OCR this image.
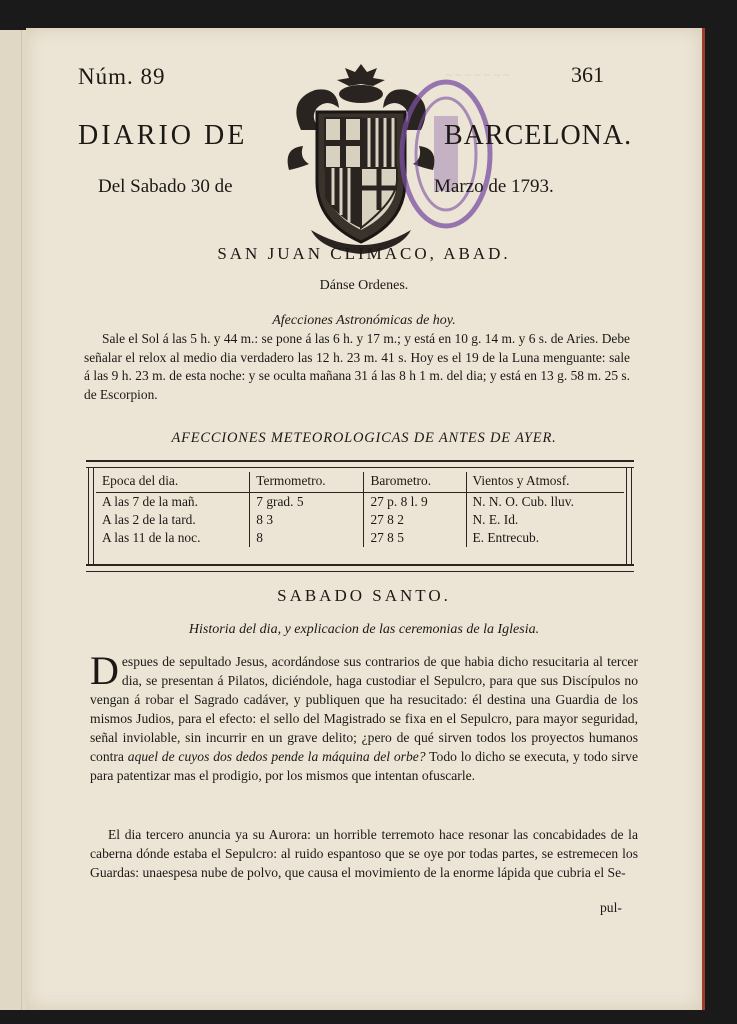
~ ~ ~ ~ ~ ~ ~
Núm. 89	361
DIARIO DE	BARCELONA.
Del Sabado 30 de	Marzo de 1793.
SAN JUAN CLIMACO, ABAD.
Dánse Ordenes.
Afecciones Astronómicas de hoy.
Sale el Sol á las 5 h. y 44 m.: se pone á las 6 h. y 17 m.; y está en 10 g. 14 m. y 6 s. de Aries. Debe señalar el relox al medio dia verdadero las 12 h. 23 m. 41 s. Hoy es el 19 de la Luna menguante: sale á las 9 h. 23 m. de esta noche: y se oculta mañana 31 á las 8 h 1 m. del dia; y está en 13 g. 58 m. 25 s. de Escorpion.
AFECCIONES METEOROLOGICAS DE ANTES DE AYER.
Epoca del dia.	Termometro.	Barometro.	Vientos y Atmosf.
A las 7 de la mañ.	7 grad. 5	27 p. 8 l. 9	N. N. O. Cub. lluv.
A las 2 de la tard.	8 3	27 8 2	N. E. Id.
A las 11 de la noc.	8	27 8 5	E. Entrecub.
SABADO SANTO.
Historia del dia, y explicacion de las ceremonias de la Iglesia.
Despues de sepultado Jesus, acordándose sus contrarios de que habia dicho resucitaria al tercer dia, se presentan á Pilatos, diciéndole, haga custodiar el Sepulcro, para que sus Discípulos no vengan á robar el Sagrado cadáver, y publiquen que ha resucitado: él destina una Guardia de los mismos Judios, para el efecto: el sello del Magistrado se fixa en el Sepulcro, para mayor seguridad, señal inviolable, sin incurrir en un grave delito; ¿pero de qué sirven todos los proyectos humanos contra aquel de cuyos dos dedos pende la máquina del orbe? Todo lo dicho se executa, y todo sirve para patentizar mas el prodigio, por los mismos que intentan ofuscarle.
El dia tercero anuncia ya su Aurora: un horrible terremoto hace resonar las concabidades de la caberna dónde estaba el Sepulcro: al ruido espantoso que se oye por todas partes, se estremecen los Guardas: unaespesa nube de polvo, que causa el movimiento de la enorme lápida que cubria el Se-
pul-
